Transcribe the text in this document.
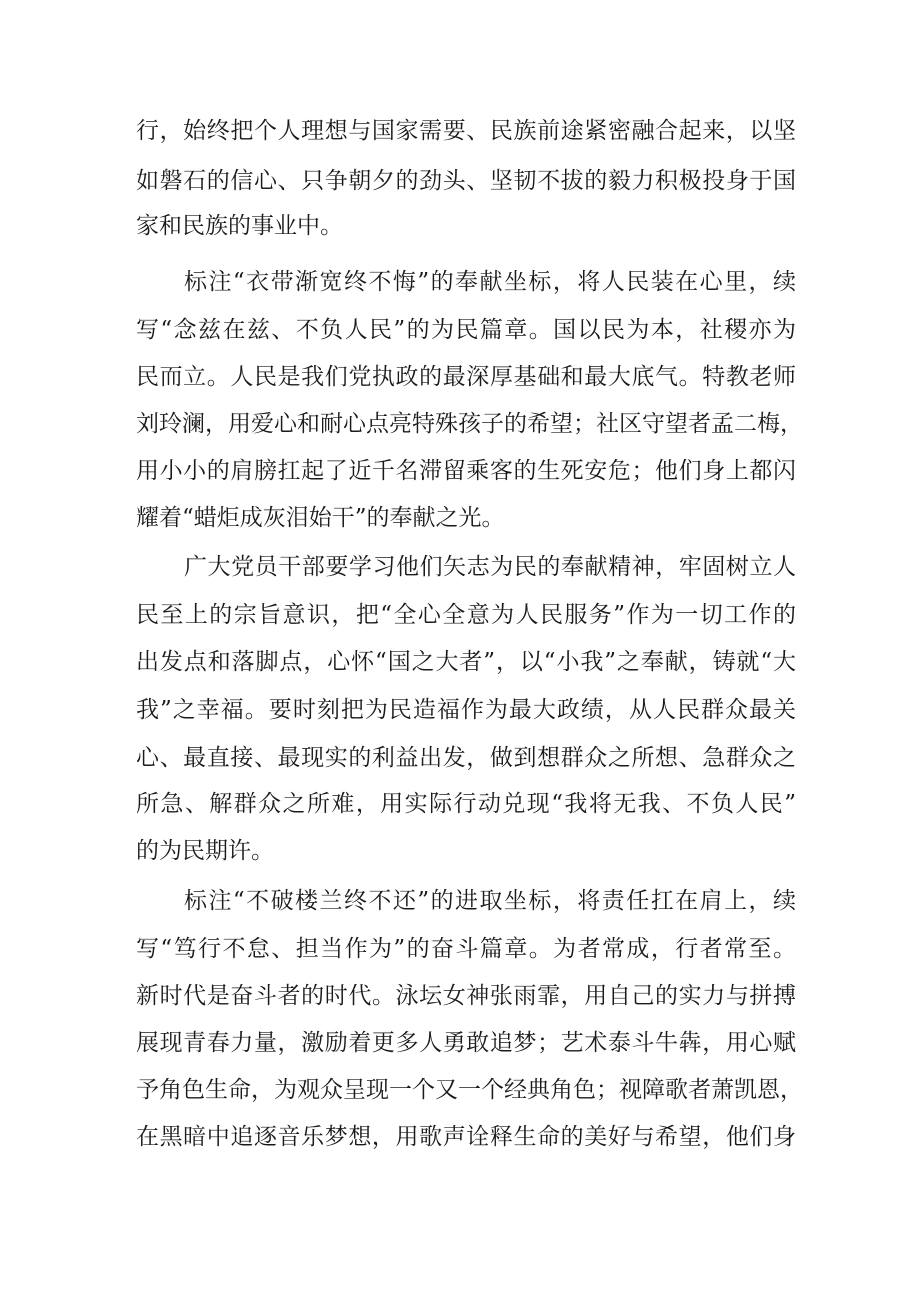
行，始终把个人理想与国家需要、民族前途紧密融合起来，以坚
如磐石的信心、只争朝夕的劲头、坚韧不拔的毅力积极投身于国
家和民族的事业中。
标注“衣带渐宽终不悔”的奉献坐标，将人民装在心里，续
写“念兹在兹、不负人民”的为民篇章。国以民为本，社稷亦为
民而立。人民是我们党执政的最深厚基础和最大底气。特教老师
刘玲澜，用爱心和耐心点亮特殊孩子的希望；社区守望者孟二梅，
用小小的肩膀扛起了近千名滞留乘客的生死安危；他们身上都闪
耀着“蜡炬成灰泪始干”的奉献之光。
广大党员干部要学习他们矢志为民的奉献精神，牢固树立人
民至上的宗旨意识，把“全心全意为人民服务”作为一切工作的
出发点和落脚点，心怀“国之大者”，以“小我”之奉献，铸就“大
我”之幸福。要时刻把为民造福作为最大政绩，从人民群众最关
心、最直接、最现实的利益出发，做到想群众之所想、急群众之
所急、解群众之所难，用实际行动兑现“我将无我、不负人民”
的为民期许。
标注“不破楼兰终不还”的进取坐标，将责任扛在肩上，续
写“笃行不怠、担当作为”的奋斗篇章。为者常成，行者常至。
新时代是奋斗者的时代。泳坛女神张雨霏，用自己的实力与拼搏
展现青春力量，激励着更多人勇敢追梦；艺术泰斗牛犇，用心赋
予角色生命，为观众呈现一个又一个经典角色；视障歌者萧凯恩，
在黑暗中追逐音乐梦想，用歌声诠释生命的美好与希望，他们身
